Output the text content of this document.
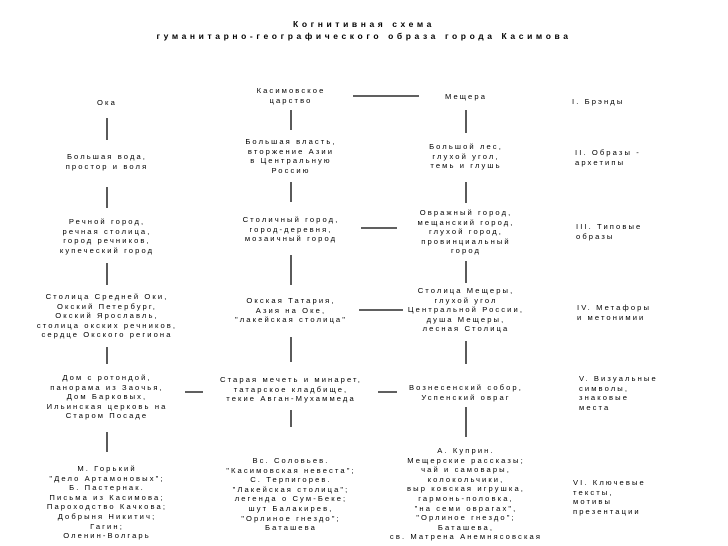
Когнитивная схема
гуманитарно-географического образа города Касимова
Ока
Большая вода,
простор и воля
Речной город,
речная столица,
город речников,
купеческий город
Столица Средней Оки,
Окский Петербург,
Окский Ярославль,
столица окских речников,
сердце Окского региона
Дом с ротондой,
панорама из Заочья,
Дом Барковых,
Ильинская церковь на
Старом Посаде
М. Горький
"Дело Артамоновых";
Б. Пастернак.
Письма из Касимова;
Пароходство Качкова;
Добрыня Никитич;
Гагин;
Оленин-Волгарь
Касимовское
царство
Большая власть,
вторжение Азии
в Центральную
Россию
Столичный город,
город-деревня,
мозаичный город
Окская Татария,
Азия на Оке,
"лакейская столица"
Старая мечеть и минарет,
татарское кладбище,
текие Авган-Мухаммеда
Вс. Соловьев.
"Касимовская невеста";
С. Терпигорев.
"Лакейская столица";
легенда о Сум-Беке;
шут Балакирев,
"Орлиное гнездо";
Баташева
Мещера
Большой лес,
глухой угол,
темь и глушь
Овражный город,
мещанский город,
глухой город,
провинциальный
город
Столица Мещеры,
глухой угол
Центральной России,
душа Мещеры,
лесная Столица
Вознесенский собор,
Успенский овраг
А. Куприн.
Мещерские рассказы;
чай и самовары,
колокольчики,
выр ковская игрушка,
гармонь-половка,
"на семи оврагах",
"Орлиное гнездо";
Баташева,
св. Матрена Анемнясовская
I. Брэнды
II. Образы -
архетипы
III. Типовые
образы
IV. Метафоры
и метонимии
V. Визуальные
символы,
знаковые
места
VI. Ключевые
тексты,
мотивы
презентации
